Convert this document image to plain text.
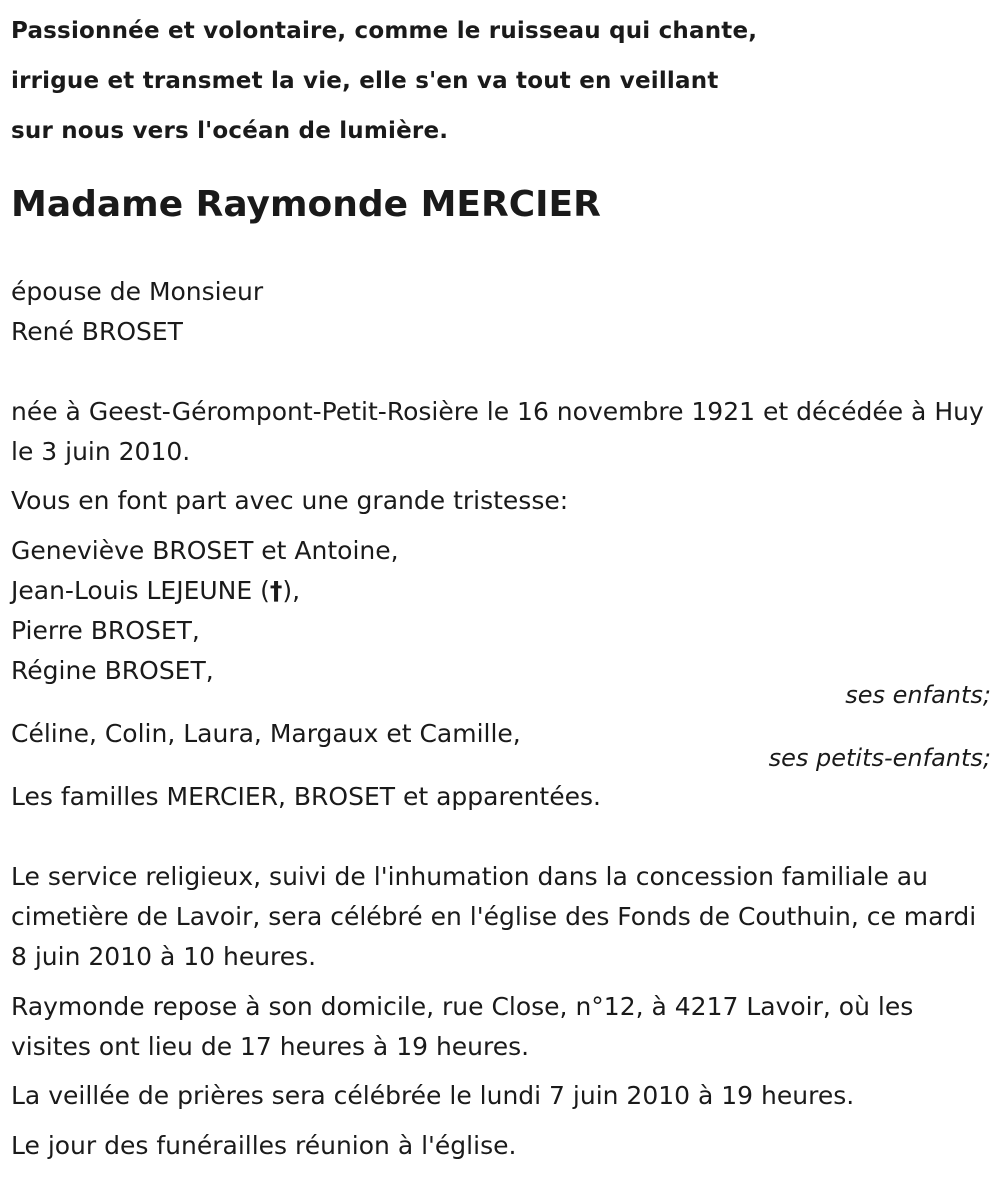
Passionnée et volontaire, comme le ruisseau qui chante,
irrigue et transmet la vie, elle s'en va tout en veillant
sur nous vers l'océan de lumière.
Madame Raymonde MERCIER
épouse de Monsieur
René BROSET
née à Geest-Gérompont-Petit-Rosière le 16 novembre 1921 et décédée à Huy le 3 juin 2010.
Vous en font part avec une grande tristesse:
Geneviève BROSET et Antoine,
Jean-Louis LEJEUNE (†),
Pierre BROSET,
Régine BROSET,
ses enfants;
Céline, Colin, Laura, Margaux et Camille,
ses petits-enfants;
Les familles MERCIER, BROSET et apparentées.
Le service religieux, suivi de l'inhumation dans la concession familiale au cimetière de Lavoir, sera célébré en l'église des Fonds de Couthuin, ce mardi 8 juin 2010 à 10 heures.
Raymonde repose à son domicile, rue Close, n°12, à 4217 Lavoir, où les visites ont lieu de 17 heures à 19 heures.
La veillée de prières sera célébrée le lundi 7 juin 2010 à 19 heures.
Le jour des funérailles réunion à l'église.
